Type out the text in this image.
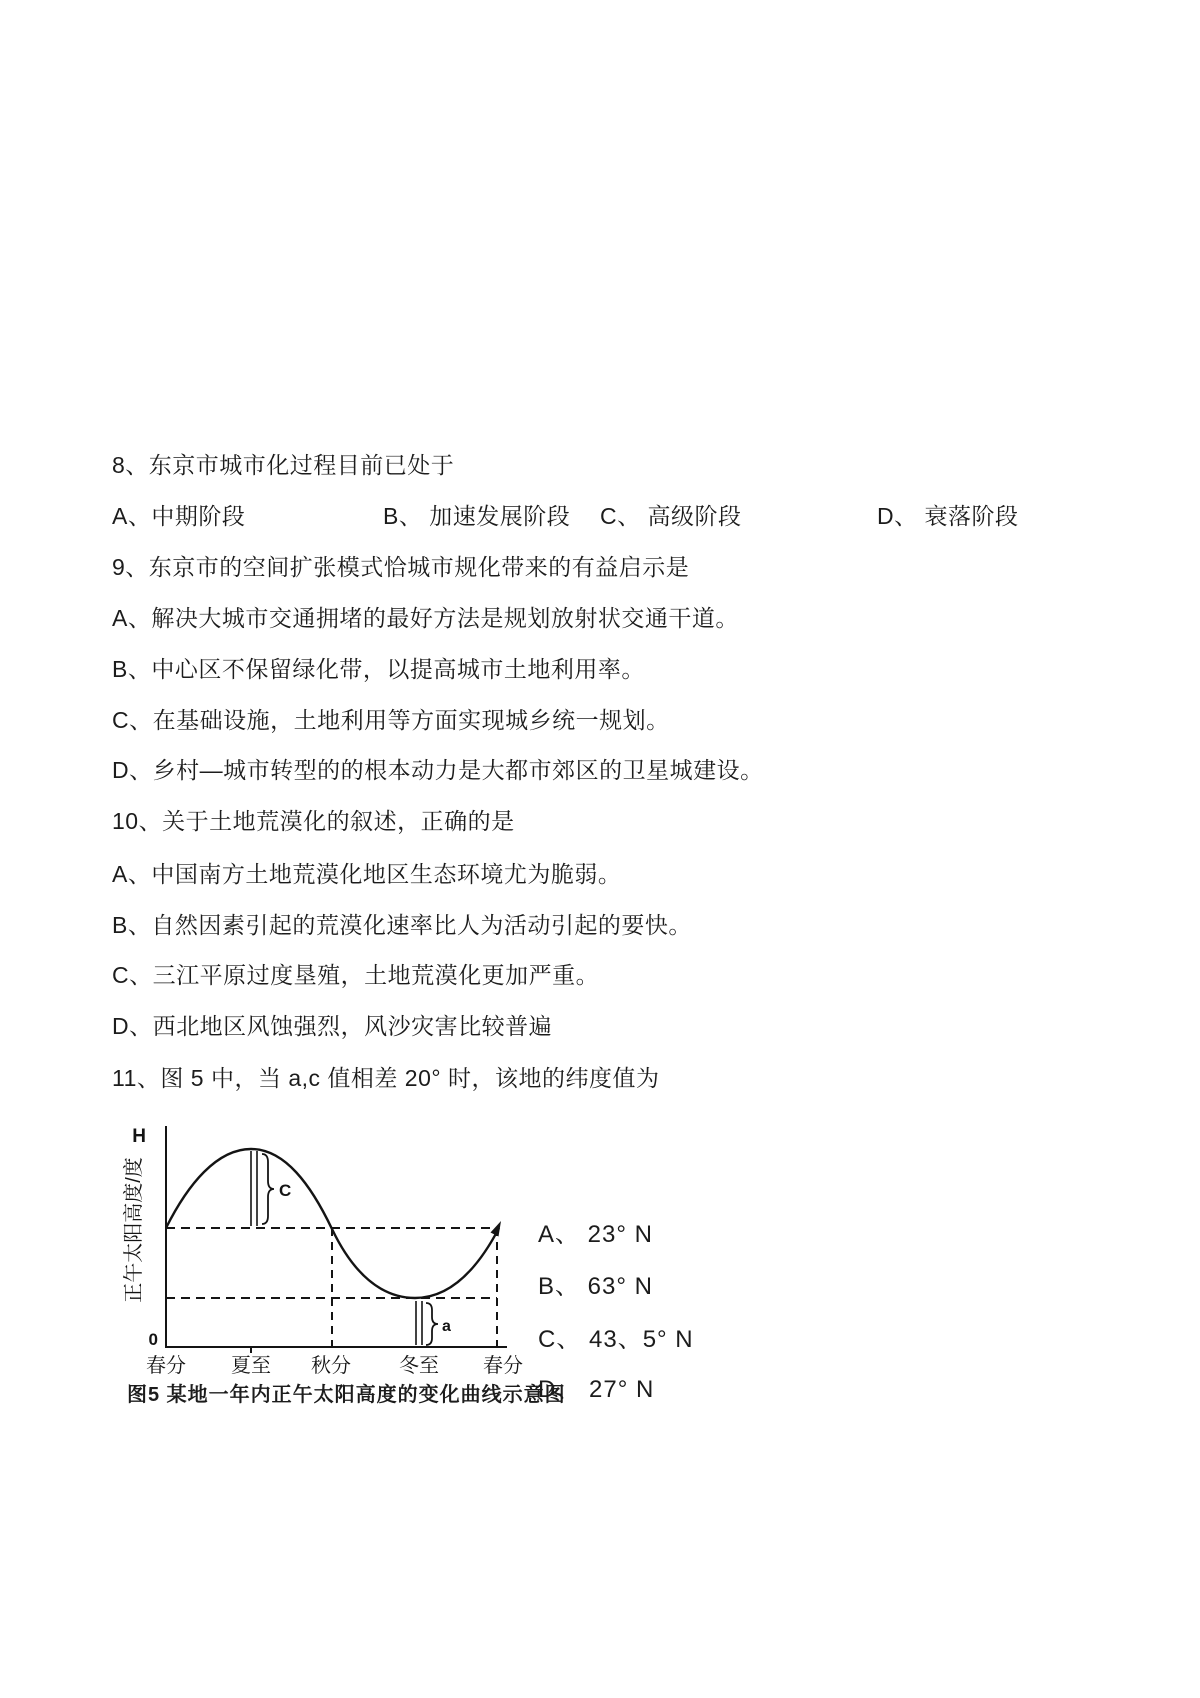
8、东京市城市化过程目前已处于
A、中期阶段	B、 加速发展阶段 C、 高级阶段	D、 衰落阶段
9、东京市的空间扩张模式恰城市规化带来的有益启示是
A、解决大城市交通拥堵的最好方法是规划放射状交通干道。
B、中心区不保留绿化带，以提高城市土地利用率。
C、在基础设施，土地利用等方面实现城乡统一规划。
D、乡村—城市转型的的根本动力是大都市郊区的卫星城建设。
10、关于土地荒漠化的叙述，正确的是
A、中国南方土地荒漠化地区生态环境尤为脆弱。
B、自然因素引起的荒漠化速率比人为活动引起的要快。
C、三江平原过度垦殖，土地荒漠化更加严重。
D、西北地区风蚀强烈，风沙灾害比较普遍
11、图 5 中，当 a,c 值相差 20° 时，该地的纬度值为
A、 23° N
B、 63° N
C、 43、5° N
D、 27° N
H
正午太阳高度/度
0
C
a
春分 夏至 秋分 冬至 春分
图5 某地一年内正午太阳高度的变化曲线示意图
